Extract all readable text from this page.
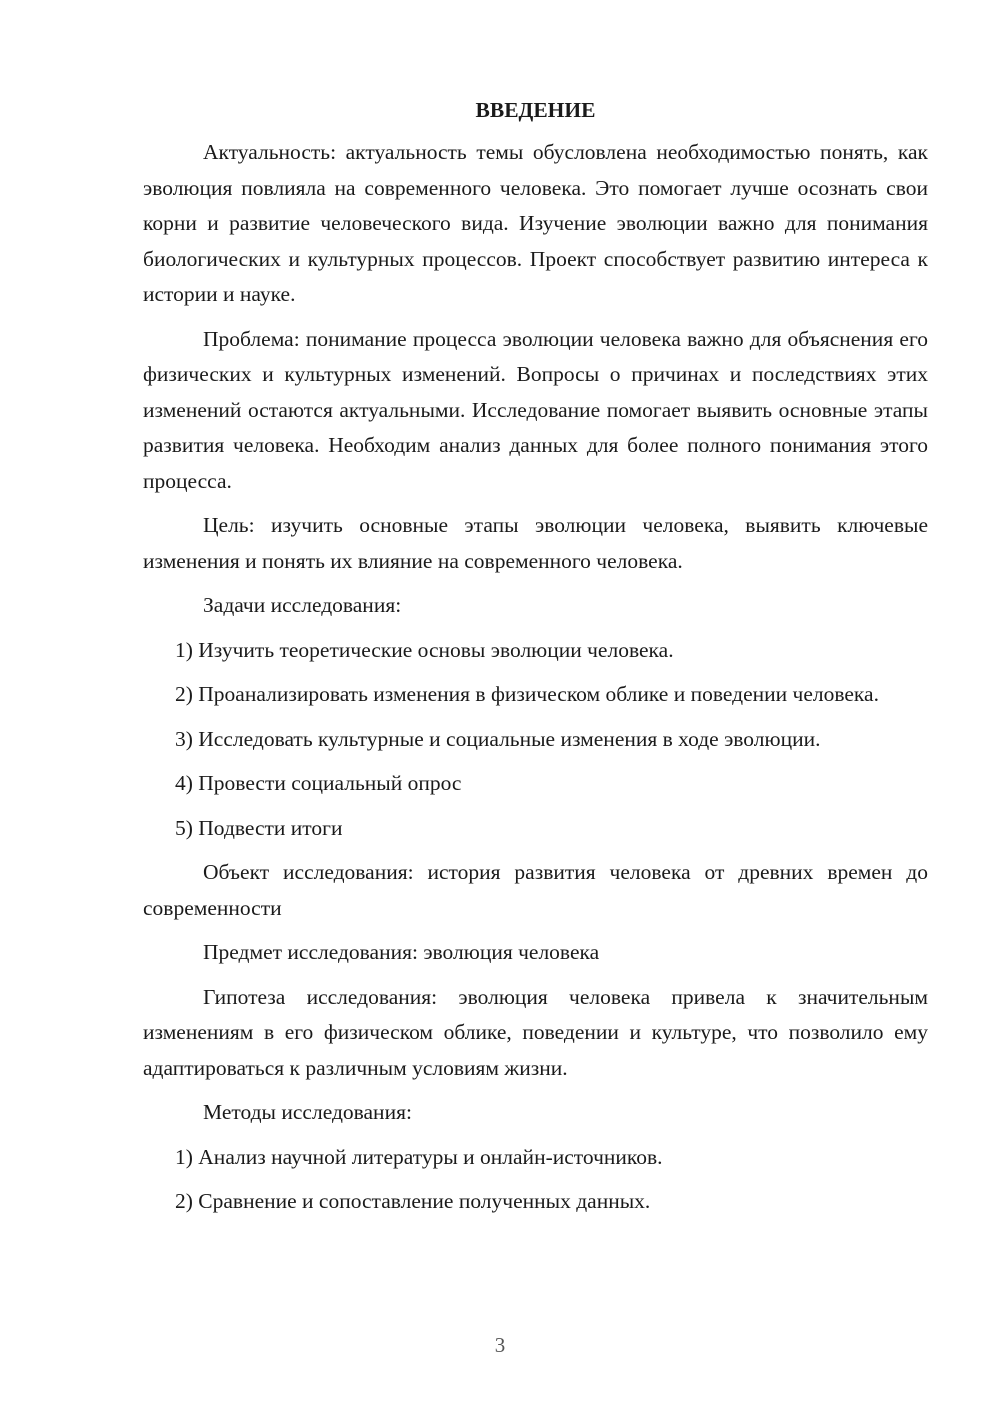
ВВЕДЕНИЕ

Актуальность: актуальность темы обусловлена необходимостью понять, как эволюция повлияла на современного человека. Это помогает лучше осознать свои корни и развитие человеческого вида. Изучение эволюции важно для понимания биологических и культурных процессов. Проект способствует развитию интереса к истории и науке.

Проблема: понимание процесса эволюции человека важно для объяснения его физических и культурных изменений. Вопросы о причинах и последствиях этих изменений остаются актуальными. Исследование помогает выявить основные этапы развития человека. Необходим анализ данных для более полного понимания этого процесса.

Цель: изучить основные этапы эволюции человека, выявить ключевые изменения и понять их влияние на современного человека.

Задачи исследования:

1) Изучить теоретические основы эволюции человека.

2) Проанализировать изменения в физическом облике и поведении человека.

3) Исследовать культурные и социальные изменения в ходе эволюции.

4) Провести социальный опрос

5) Подвести итоги

Объект исследования: история развития человека от древних времен до современности

Предмет исследования: эволюция человека

Гипотеза исследования: эволюция человека привела к значительным изменениям в его физическом облике, поведении и культуре, что позволило ему адаптироваться к различным условиям жизни.

Методы исследования:

1) Анализ научной литературы и онлайн-источников.

2) Сравнение и сопоставление полученных данных.

3
